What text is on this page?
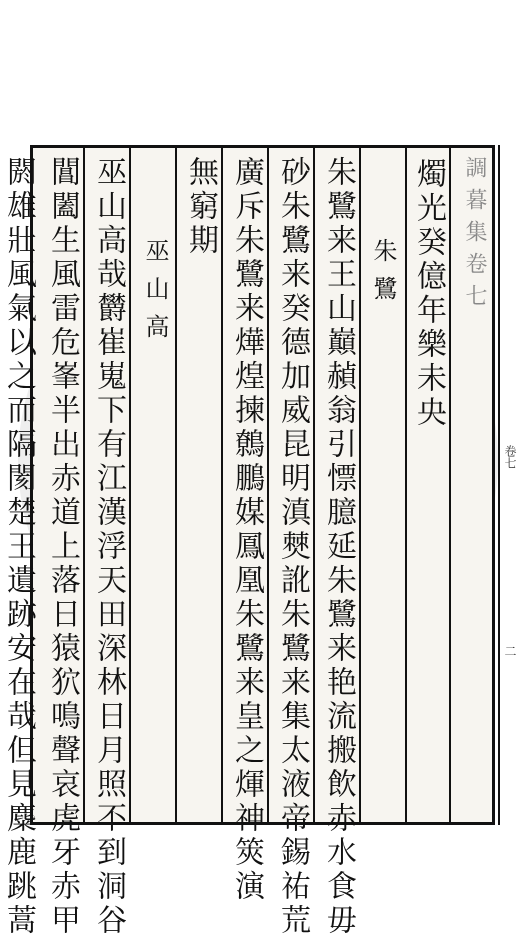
調暮集卷七
燭光癸億年樂未央
朱鷺
朱鷺来王山巔赬翁引慓臆延朱鷺来艳流搬飲赤水食毋
砂朱鷺来癸德加威昆明滇僰訛朱鷺来集太液帝錫祐荒
廣斥朱鷺来燁煌揀鷯鵬媒鳳凰朱鷺来皇之煇神筴演
無窮期
巫山高
巫山高哉欝崔嵬下有江漢浮天田深林日月照不到洞谷
閶闔生風雷危峯半出赤道上落日猿狖鳴聲哀虎牙赤甲
閼雄壯風氣以之而隔閡楚王遺跡安在哉但見麋鹿跳蒿	卷七
二
